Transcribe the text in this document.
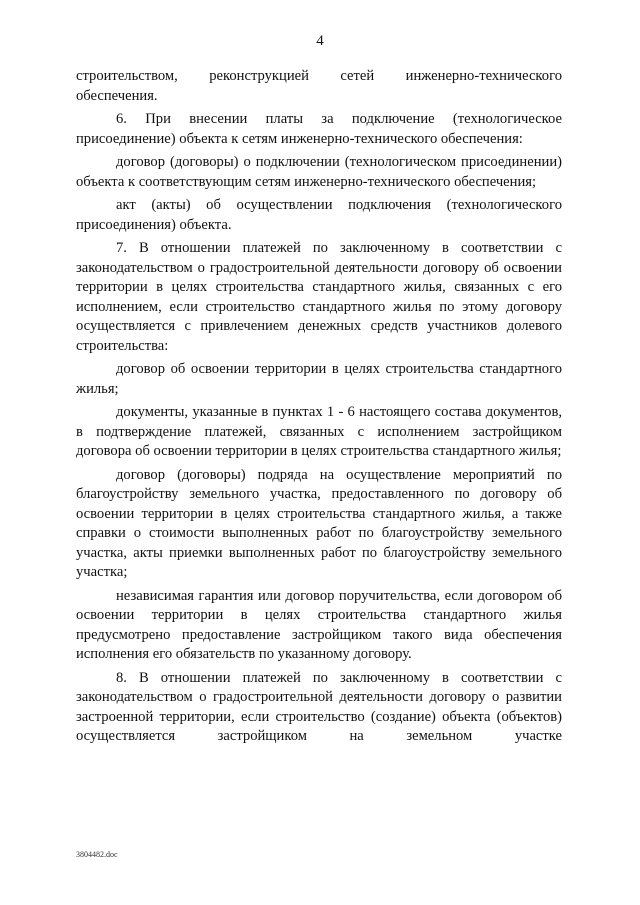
4

строительством, реконструкцией сетей инженерно-технического обеспечения.

6. При внесении платы за подключение (технологическое присоединение) объекта к сетям инженерно-технического обеспечения:

договор (договоры) о подключении (технологическом присоединении) объекта к соответствующим сетям инженерно-технического обеспечения;

акт (акты) об осуществлении подключения (технологического присоединения) объекта.

7. В отношении платежей по заключенному в соответствии с законодательством о градостроительной деятельности договору об освоении территории в целях строительства стандартного жилья, связанных с его исполнением, если строительство стандартного жилья по этому договору осуществляется с привлечением денежных средств участников долевого строительства:

договор об освоении территории в целях строительства стандартного жилья;

документы, указанные в пунктах 1 - 6 настоящего состава документов, в подтверждение платежей, связанных с исполнением застройщиком договора об освоении территории в целях строительства стандартного жилья;

договор (договоры) подряда на осуществление мероприятий по благоустройству земельного участка, предоставленного по договору об освоении территории в целях строительства стандартного жилья, а также справки о стоимости выполненных работ по благоустройству земельного участка, акты приемки выполненных работ по благоустройству земельного участка;

независимая гарантия или договор поручительства, если договором об освоении территории в целях строительства стандартного жилья предусмотрено предоставление застройщиком такого вида обеспечения исполнения его обязательств по указанному договору.

8. В отношении платежей по заключенному в соответствии с законодательством о градостроительной деятельности договору о развитии застроенной территории, если строительство (создание) объекта (объектов) осуществляется застройщиком на земельном участке

3804482.doc
